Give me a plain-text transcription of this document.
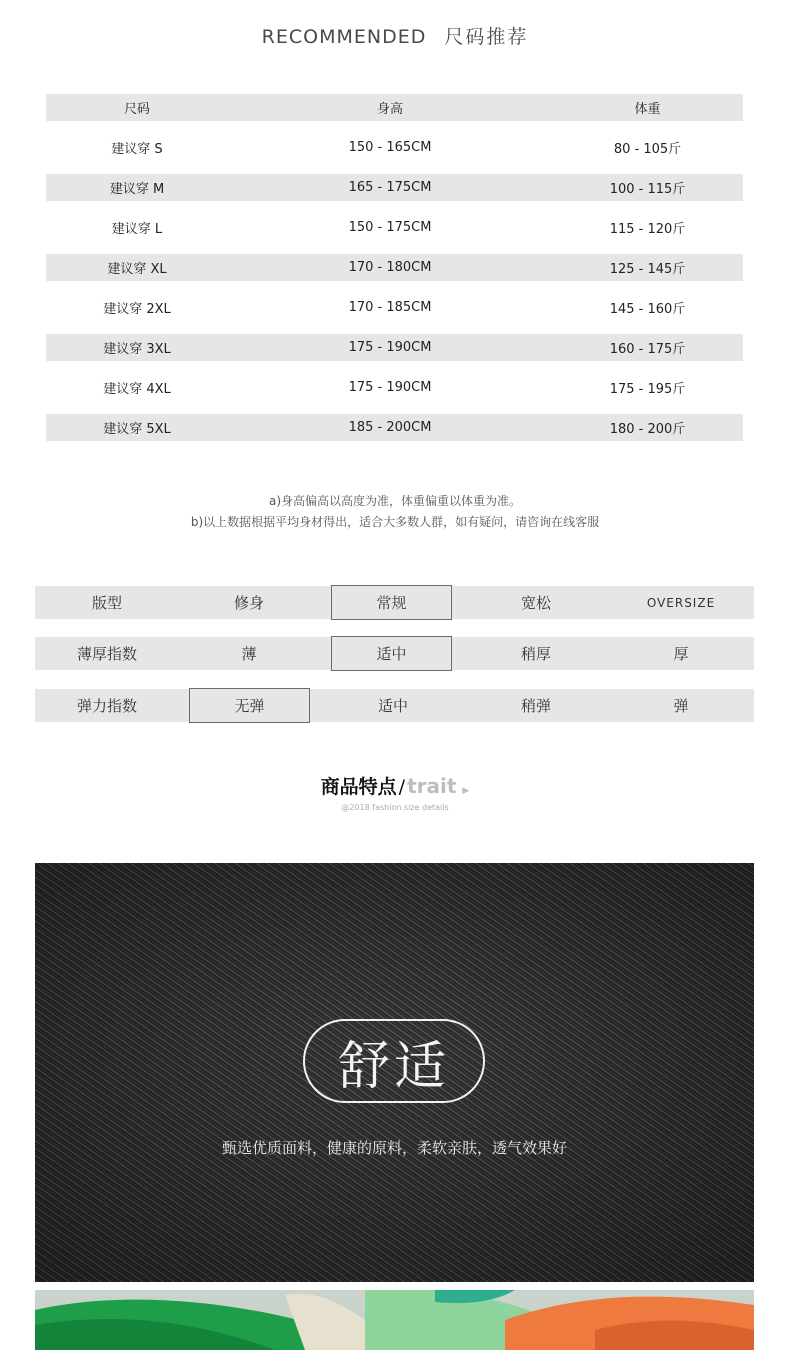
RECOMMENDED 尺码推荐
尺码	身高	体重
建议穿 S	150 - 165CM	80 - 105斤
建议穿 M	165 - 175CM	100 - 115斤
建议穿 L	150 - 175CM	115 - 120斤
建议穿 XL	170 - 180CM	125 - 145斤
建议穿 2XL	170 - 185CM	145 - 160斤
建议穿 3XL	175 - 190CM	160 - 175斤
建议穿 4XL	175 - 190CM	175 - 195斤
建议穿 5XL	185 - 200CM	180 - 200斤
a)身高偏高以高度为准，体重偏重以体重为准。
b)以上数据根据平均身材得出，适合大多数人群，如有疑问，请咨询在线客服
版型	修身	常规	宽松	OVERSIZE
薄厚指数	薄	适中	稍厚	厚
弹力指数	无弹	适中	稍弹	弹
商品特点 / trait ▶
@2018 fashion size details
舒适
甄选优质面料，健康的原料，柔软亲肤，透气效果好
